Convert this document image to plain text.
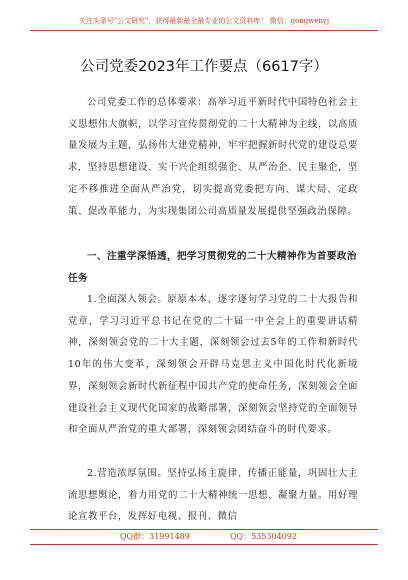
关注头条号"公文研究"，获得最新最全最专业的公文资料库！ 微信：gongwenyj
公司党委2023年工作要点（6617字）

公司党委工作的总体要求：高举习近平新时代中国特色社会主义思想伟大旗帜，以学习宣传贯彻党的二十大精神为主线，以高质量发展为主题，弘扬伟大建党精神，牢牢把握新时代党的建设总要求，坚持思想建设、实干兴企组织强企、从严治企、民主聚企，坚定不移推进全面从严治党，切实提高党委把方向、谋大局、定政策、促改革能力，为实现集团公司高质量发展提供坚强政治保障。

一、注重学深悟透，把学习贯彻党的二十大精神作为首要政治任务

1.全面深入领会。原原本本、逐字逐句学习党的二十大报告和党章，学习习近平总书记在党的二十届一中全会上的重要讲话精神，深刻领会党的二十大主题，深刻领会过去5年的工作和新时代10年的伟大变革，深刻领会开辟马克思主义中国化时代化新境界，深刻领会新时代新征程中国共产党的使命任务，深刻领会全面建设社会主义现代化国家的战略部署，深刻领会坚持党的全面领导和全面从严治党的重大部署，深刻领会团结奋斗的时代要求。

2.营造浓厚氛围。坚持弘扬主旋律、传播正能量，巩固壮大主流思想舆论，着力用党的二十大精神统一思想、凝聚力量。用好理论宣教平台，发挥好电视、报刊、微信

QQ群：31991489	QQ：535304092
